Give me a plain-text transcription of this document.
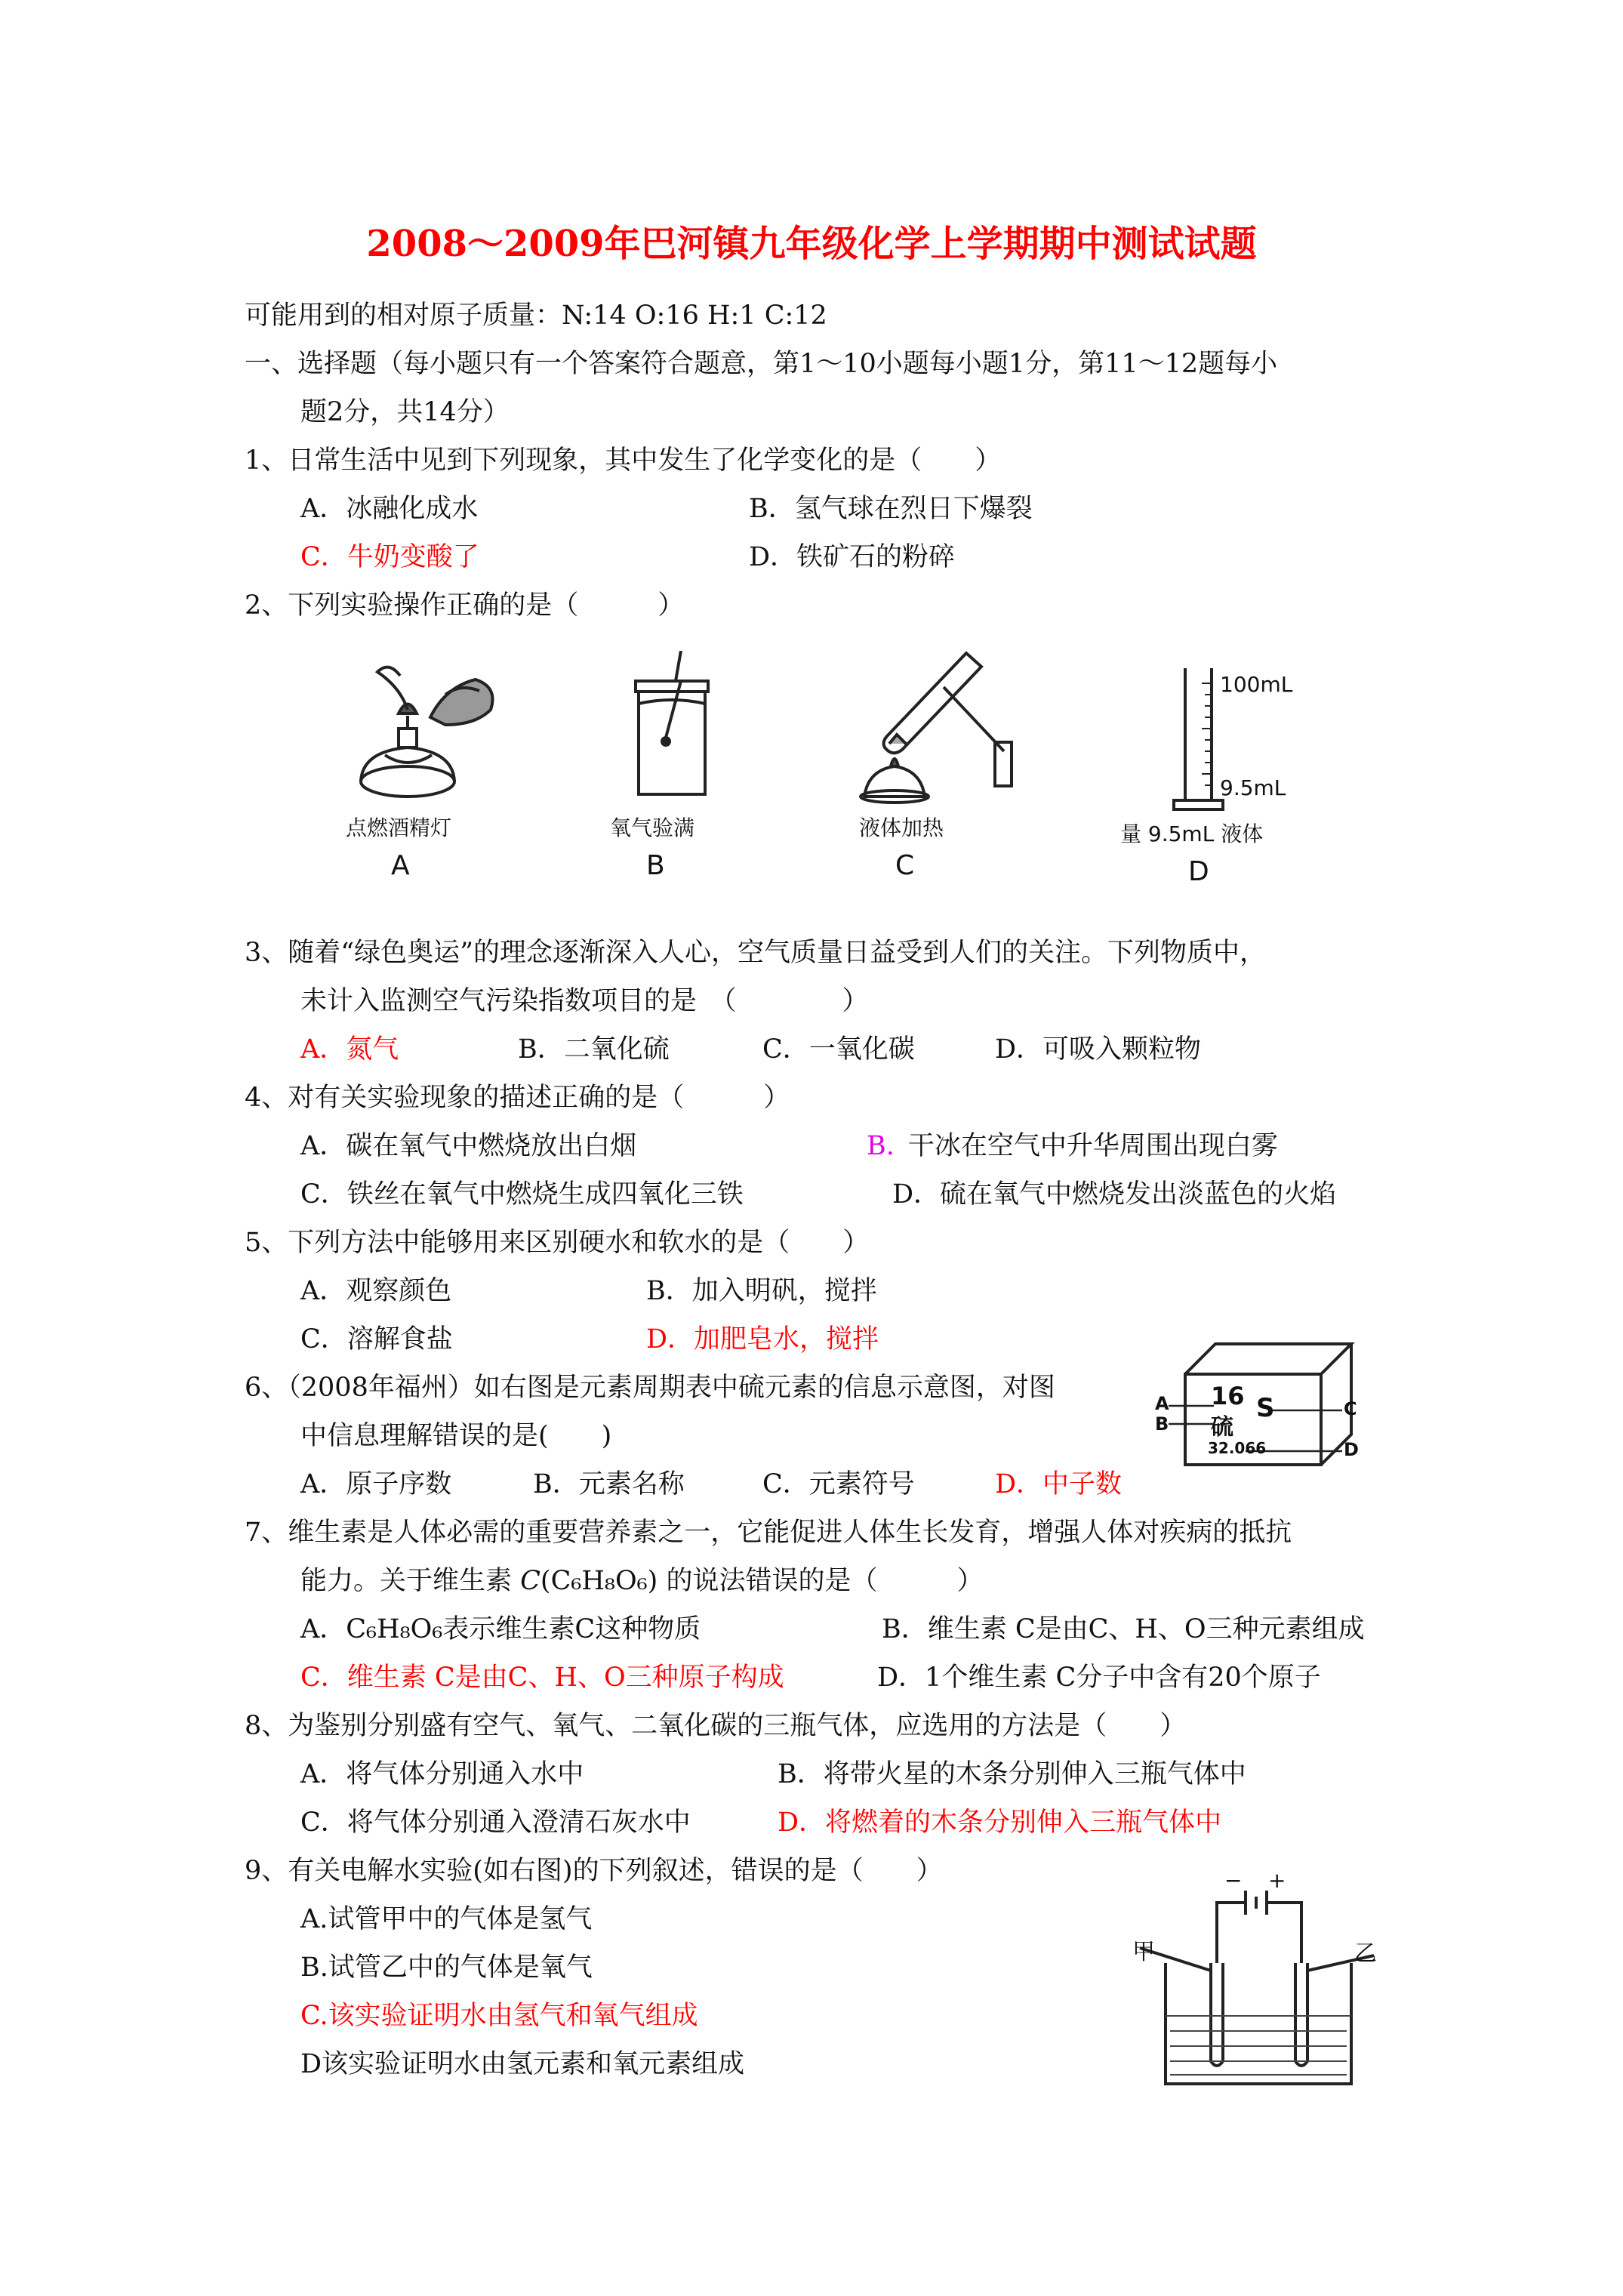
2008～2009年巴河镇九年级化学上学期期中测试试题
可能用到的相对原子质量：N:14 O:16 H:1 C:12
一、选择题（每小题只有一个答案符合题意，第1～10小题每小题1分，第11～12题每小
题2分，共14分）
1、日常生活中见到下列现象，其中发生了化学变化的是（　　）
A．冰融化成水	B．氢气球在烈日下爆裂
C．牛奶变酸了	D．铁矿石的粉碎
2、下列实验操作正确的是（　　　）
点燃酒精灯
A
氧气验满
B
液体加热
C
100mL
9.5mL
量 9.5mL 液体
D
3、随着“绿色奥运”的理念逐渐深入人心，空气质量日益受到人们的关注。下列物质中，
未计入监测空气污染指数项目的是　（　　　　）
A．氮气	B．二氧化硫	C．一氧化碳	D．可吸入颗粒物
4、对有关实验现象的描述正确的是（　　　）
A．碳在氧气中燃烧放出白烟	B. 干冰在空气中升华周围出现白雾
C．铁丝在氧气中燃烧生成四氧化三铁	D．硫在氧气中燃烧发出淡蓝色的火焰
5、下列方法中能够用来区别硬水和软水的是（　　）
A．观察颜色	B．加入明矾，搅拌
C．溶解食盐	D．加肥皂水，搅拌
6、（2008年福州）如右图是元素周期表中硫元素的信息示意图，对图
中信息理解错误的是(　　)
A．原子序数	B．元素名称	C．元素符号	D．中子数
16
硫
S
32.066
A
B
C
D
7、维生素是人体必需的重要营养素之一，它能促进人体生长发育，增强人体对疾病的抵抗
能力。关于维生素 C(C₆H₈O₆) 的说法错误的是（　　　）
A．C₆H₈O₆表示维生素C这种物质	B．维生素 C是由C、H、O三种元素组成
C．维生素 C是由C、H、O三种原子构成	D．1个维生素 C分子中含有20个原子
8、为鉴别分别盛有空气、氧气、二氧化碳的三瓶气体，应选用的方法是（　　）
A．将气体分别通入水中	B．将带火星的木条分别伸入三瓶气体中
C．将气体分别通入澄清石灰水中	D．将燃着的木条分别伸入三瓶气体中
9、有关电解水实验(如右图)的下列叙述，错误的是（　　）
A.试管甲中的气体是氢气
B.试管乙中的气体是氧气
C.该实验证明水由氢气和氧气组成
D该实验证明水由氢元素和氧元素组成
甲	乙
− +
